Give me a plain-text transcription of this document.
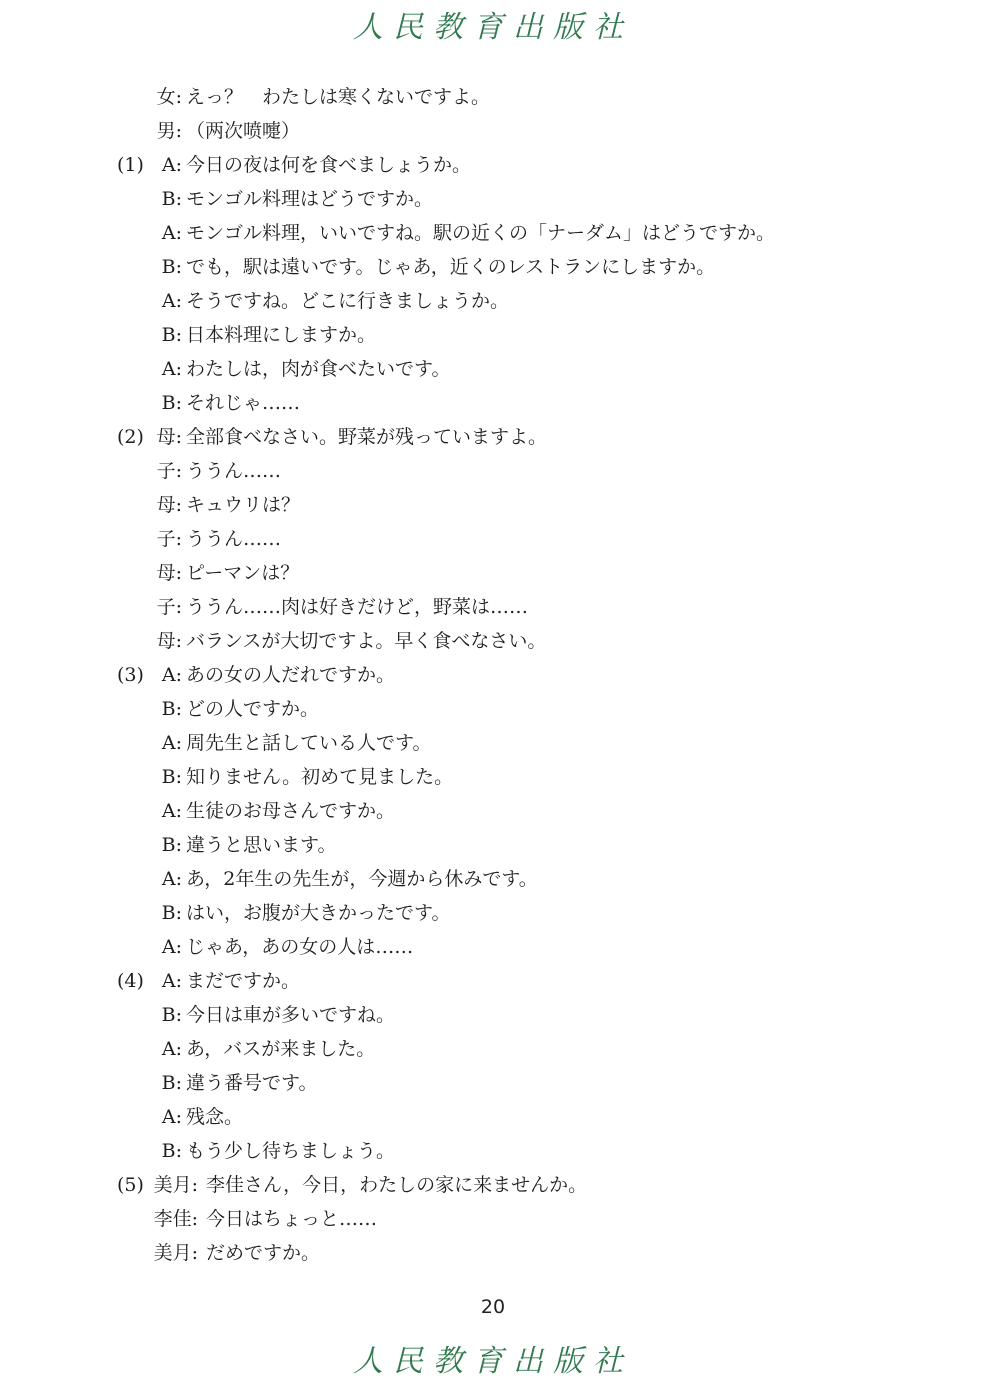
人民教育出版社
女: えっ？　わたしは寒くないですよ。
男: （两次喷嚏）
(1) A: 今日の夜は何を食べましょうか。
B: モンゴル料理はどうですか。
A: モンゴル料理，いいですね。駅の近くの「ナーダム」はどうですか。
B: でも，駅は遠いです。じゃあ，近くのレストランにしますか。
A: そうですね。どこに行きましょうか。
B: 日本料理にしますか。
A: わたしは，肉が食べたいです。
B: それじゃ……
(2) 母: 全部食べなさい。野菜が残っていますよ。
子: ううん……
母: キュウリは？
子: ううん……
母: ピーマンは？
子: ううん……肉は好きだけど，野菜は……
母: バランスが大切ですよ。早く食べなさい。
(3) A: あの女の人だれですか。
B: どの人ですか。
A: 周先生と話している人です。
B: 知りません。初めて見ました。
A: 生徒のお母さんですか。
B: 違うと思います。
A: あ，2年生の先生が，今週から休みです。
B: はい，お腹が大きかったです。
A: じゃあ，あの女の人は……
(4) A: まだですか。
B: 今日は車が多いですね。
A: あ，バスが来ました。
B: 違う番号です。
A: 残念。
B: もう少し待ちましょう。
(5) 美月: 李佳さん，今日，わたしの家に来ませんか。
李佳: 今日はちょっと……
美月: だめですか。
20
人民教育出版社
